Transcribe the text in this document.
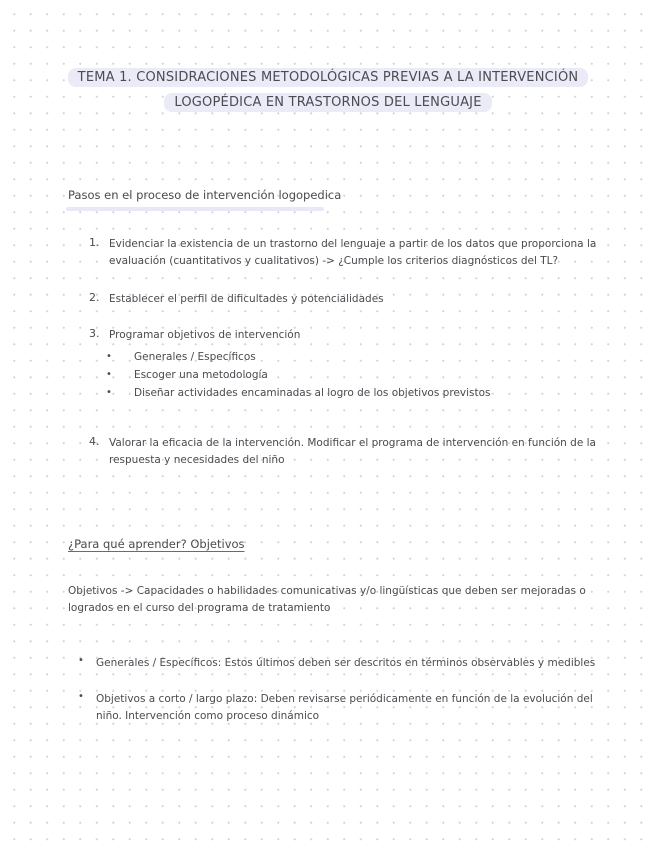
TEMA 1. CONSIDRACIONES METODOLÓGICAS PREVIAS A LA INTERVENCIÓN
LOGOPÉDICA EN TRASTORNOS DEL LENGUAJE
Pasos en el proceso de intervención logopedica
1. Evidenciar la existencia de un trastorno del lenguaje a partir de los datos que proporciona la evaluación (cuantitativos y cualitativos) -> ¿Cumple los criterios diagnósticos del TL?
2. Establecer el perfil de dificultades y potencialidades
3. Programar objetivos de intervención
• Generales / Específicos
• Escoger una metodología
• Diseñar actividades encaminadas al logro de los objetivos previstos
4. Valorar la eficacia de la intervención. Modificar el programa de intervención en función de la respuesta y necesidades del niño
¿Para qué aprender? Objetivos
Objetivos -> Capacidades o habilidades comunicativas y/o lingüísticas que deben ser mejoradas o logrados en el curso del programa de tratamiento
• Generales / Específicos: Estos últimos deben ser descritos en términos observables y medibles
• Objetivos a corto / largo plazo: Deben revisarse periódicamente en función de la evolución del niño. Intervención como proceso dinámico
